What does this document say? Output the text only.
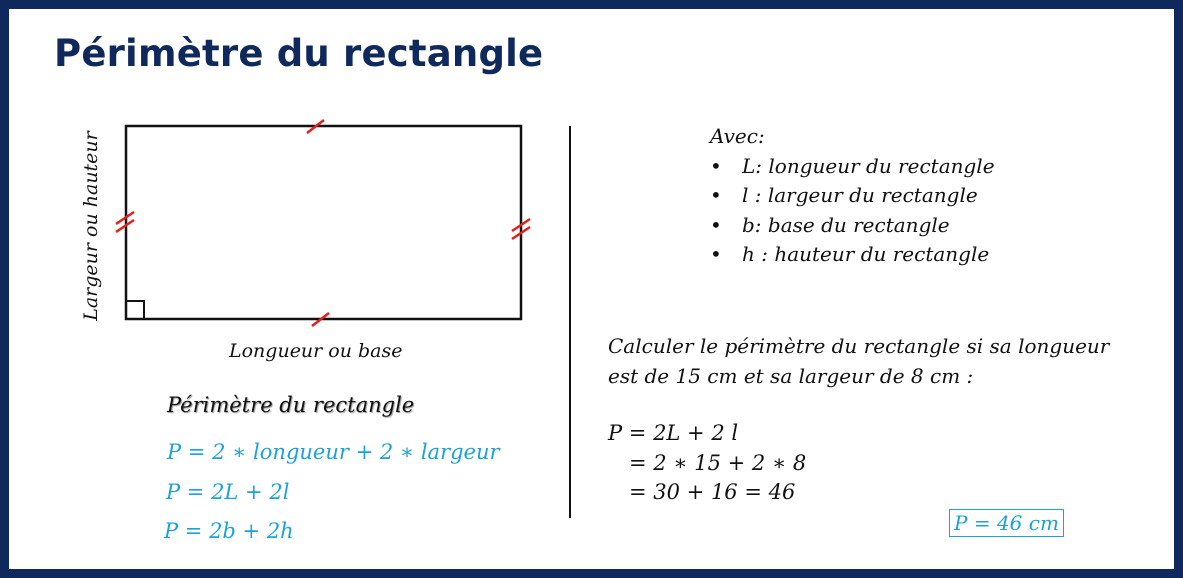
Périmètre du rectangle
Largeur ou hauteur
Longueur ou base
Périmètre du rectangle
P = 2 ∗ longueur + 2 ∗ largeur
P = 2L + 2l
P = 2b + 2h
Avec:
• L: longueur du rectangle
• l : largeur du rectangle
• b: base du rectangle
• h : hauteur du rectangle
Calculer le périmètre du rectangle si sa longueur
est de 15 cm et sa largeur de 8 cm :
P = 2L + 2 l
= 2 ∗ 15 + 2 ∗ 8
= 30 + 16 = 46
P = 46 cm
